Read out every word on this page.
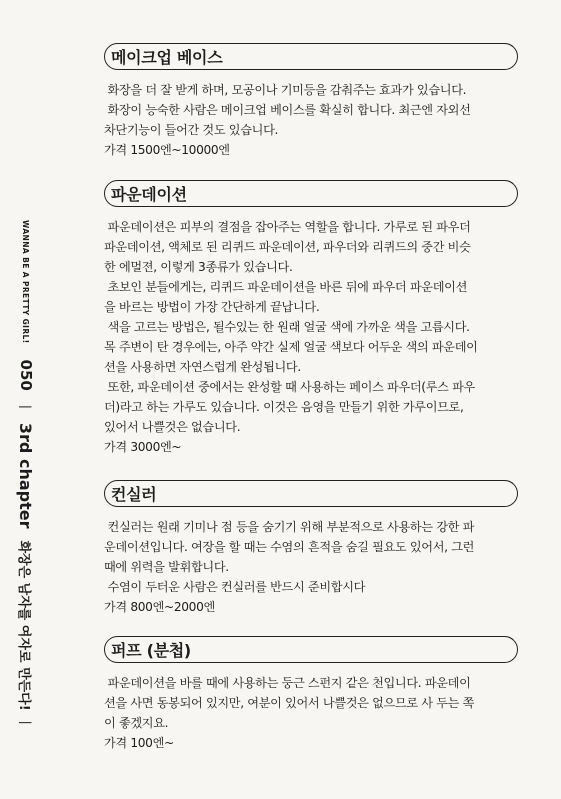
WANNA BE A PRETTY GIRL!
050
|
3rd chapter
화장은 남자를 여자로 만든다!
|
메이크업 베이스

화장을 더 잘 받게 하며, 모공이나 기미등을 감춰주는 효과가 있습니다.

화장이 능숙한 사람은 메이크업 베이스를 확실히 합니다. 최근엔 자외선

차단기능이 들어간 것도 있습니다.

가격 1500엔~10000엔

파운데이션

파운데이션은 피부의 결점을 잡아주는 역할을 합니다. 가루로 된 파우더

파운데이션, 액체로 된 리퀴드 파운데이션, 파우더와 리퀴드의 중간 비슷

한 에멀젼, 이렇게 3종류가 있습니다.

초보인 분들에게는, 리퀴드 파운데이션을 바른 뒤에 파우더 파운데이션

을 바르는 방법이 가장 간단하게 끝납니다.

색을 고르는 방법은, 될수있는 한 원래 얼굴 색에 가까운 색을 고릅시다.

목 주변이 탄 경우에는, 아주 약간 실제 얼굴 색보다 어두운 색의 파운데이

션을 사용하면 자연스럽게 완성됩니다.

또한, 파운데이션 중에서는 완성할 때 사용하는 페이스 파우더(루스 파우

더)라고 하는 가루도 있습니다. 이것은 음영을 만들기 위한 가루이므로,

있어서 나쁠것은 없습니다.

가격 3000엔~

컨실러

컨실러는 원래 기미나 점 등을 숨기기 위해 부분적으로 사용하는 강한 파

운데이션입니다. 여장을 할 때는 수염의 흔적을 숨길 필요도 있어서, 그런

때에 위력을 발휘합니다.

수염이 두터운 사람은 컨실러를 반드시 준비합시다

가격 800엔~2000엔

퍼프 (분첩)

파운데이션을 바를 때에 사용하는 둥근 스펀지 같은 천입니다. 파운데이

션을 사면 동봉되어 있지만, 여분이 있어서 나쁠것은 없으므로 사 두는 쪽

이 좋겠지요.

가격 100엔~
